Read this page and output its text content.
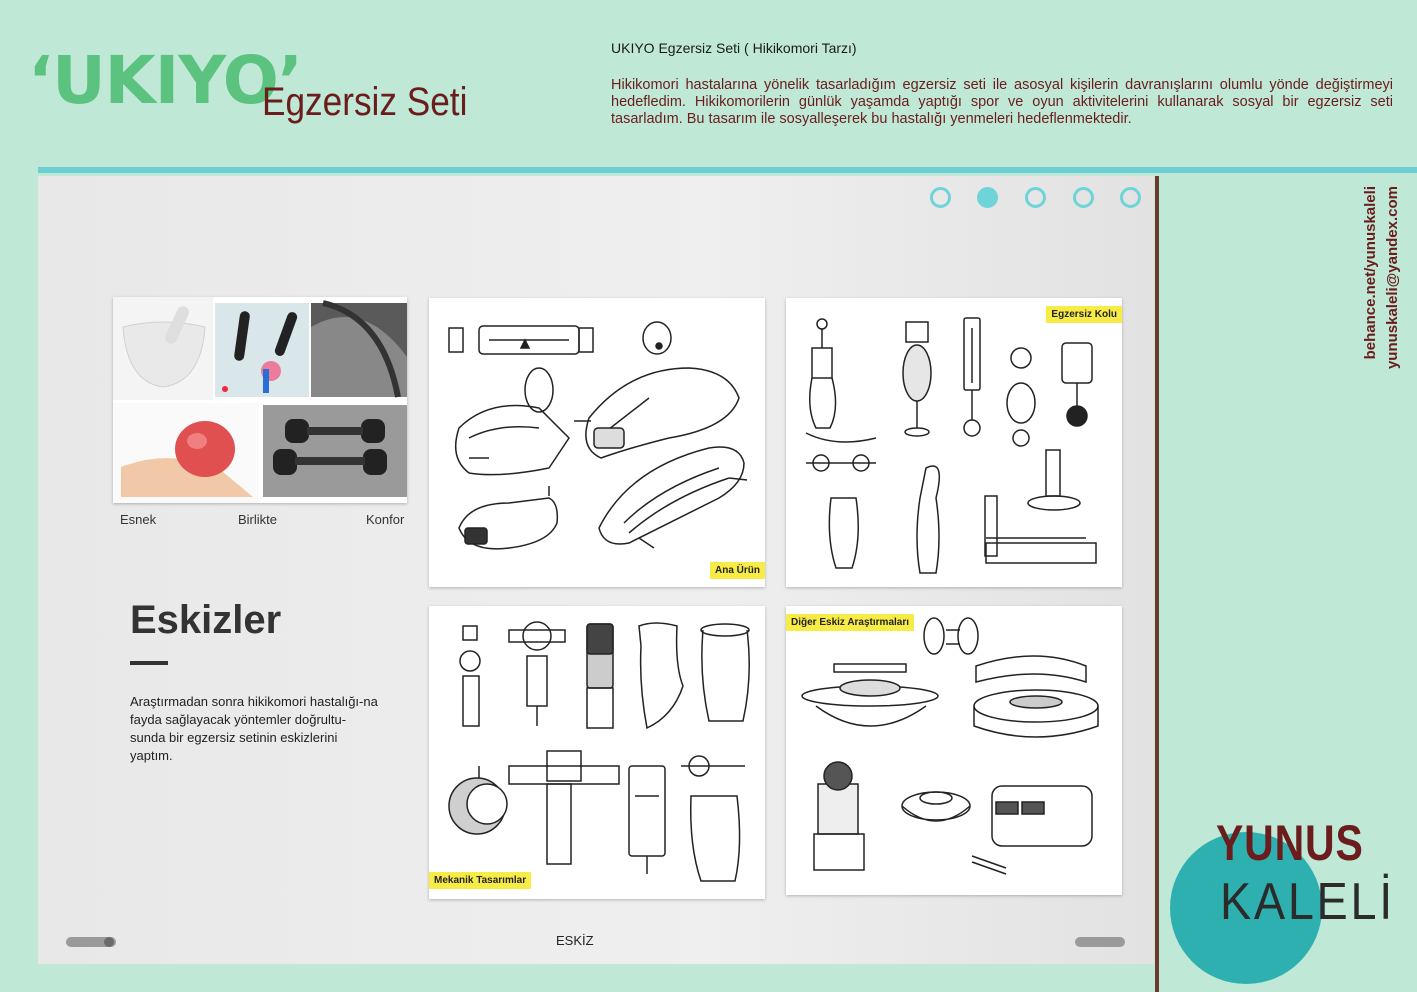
‘UKIYO’
Egzersiz Seti
UKIYO Egzersiz Seti ( Hikikomori Tarzı)
Hikikomori hastalarına yönelik tasarladığım egzersiz seti ile asosyal kişilerin davranışlarını olumlu yönde değiştirmeyi hedefledim. Hikikomorilerin günlük yaşamda yaptığı spor ve oyun aktivitelerini kullanarak sosyal bir egzersiz seti tasarladım. Bu tasarım ile sosyalleşerek bu hastalığı yenmeleri hedeflenmektedir.
Esnek	Birlikte	Konfor
Ana Ürün
Egzersiz Kolu
Mekanik Tasarımlar
Diğer Eskiz Araştırmaları
Eskizler
Araştırmadan sonra hikikomori hastalığı-na fayda sağlayacak yöntemler doğrultu-sunda bir egzersiz setinin eskizlerini yaptım.
ESKİZ
behance.net/yunuskaleli yunuskaleli@yandex.com
YUNUS
KALELİ
